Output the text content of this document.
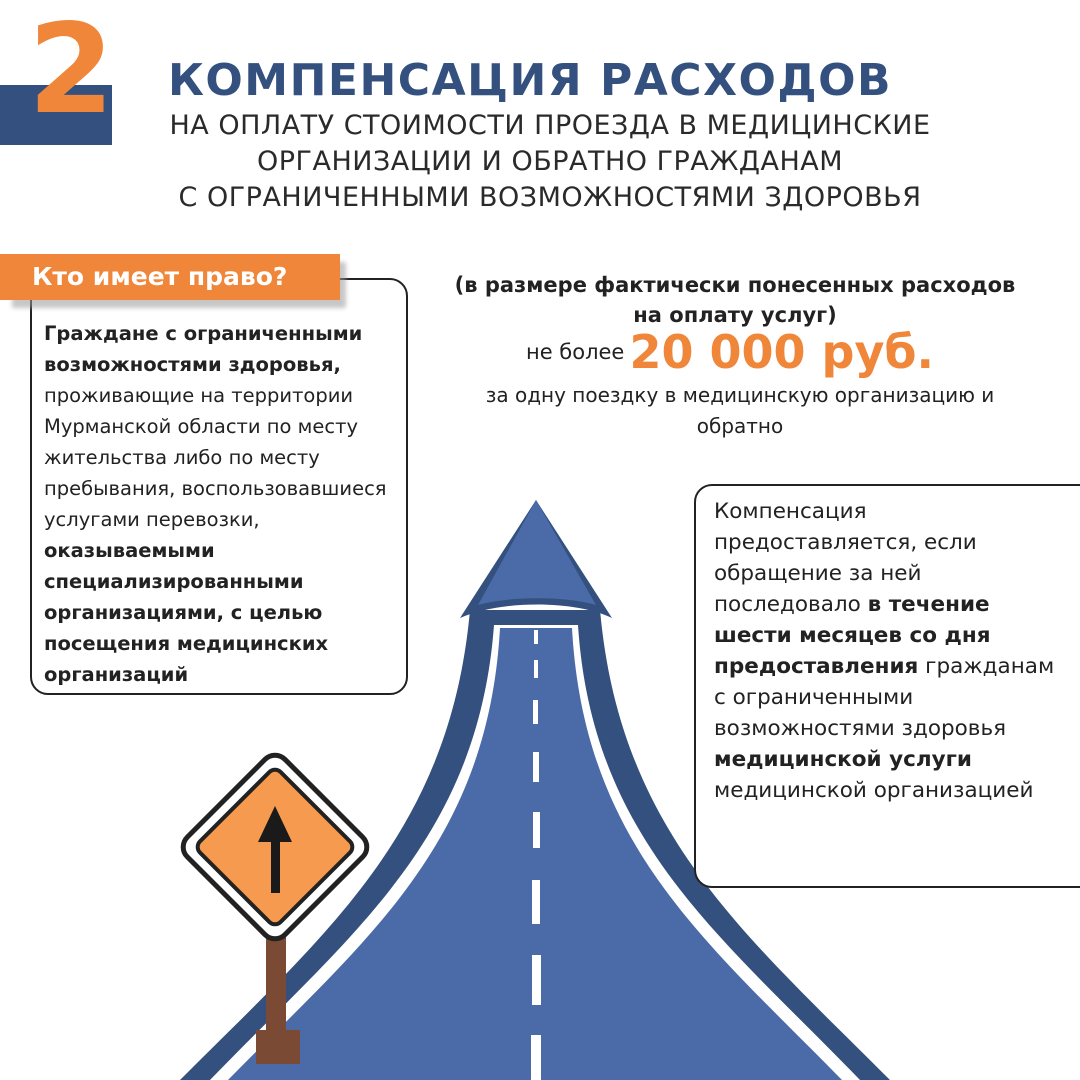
2	КОМПЕНСАЦИЯ РАСХОДОВ
НА ОПЛАТУ СТОИМОСТИ ПРОЕЗДА В МЕДИЦИНСКИЕ
ОРГАНИЗАЦИИ И ОБРАТНО ГРАЖДАНАМ
С ОГРАНИЧЕННЫМИ ВОЗМОЖНОСТЯМИ ЗДОРОВЬЯ
Кто имеет право?
Граждане с ограниченными возможностями здоровья, проживающие на территории Мурманской области по месту жительства либо по месту пребывания, воспользовавшиеся услугами перевозки, оказываемыми специализированными организациями, с целью посещения медицинских организаций
(в размере фактически понесенных расходов на оплату услуг)
не более 20 000 руб.
за одну поездку в медицинскую организацию и обратно
Компенсация предоставляется, если обращение за ней последовало в течение шести месяцев со дня предоставления гражданам с ограниченными возможностями здоровья медицинской услуги медицинской организацией
